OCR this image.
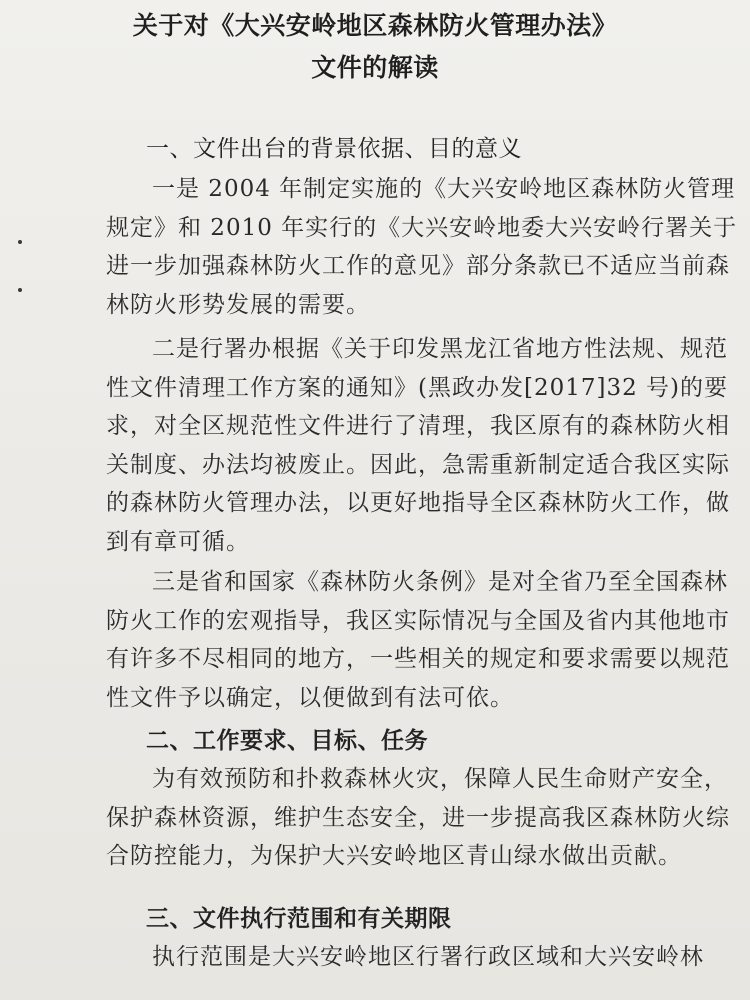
关于对《大兴安岭地区森林防火管理办法》
文件的解读
一、文件出台的背景依据、目的意义
一是 2004 年制定实施的《大兴安岭地区森林防火管理
规定》和 2010 年实行的《大兴安岭地委大兴安岭行署关于
进一步加强森林防火工作的意见》部分条款已不适应当前森
林防火形势发展的需要。
二是行署办根据《关于印发黑龙江省地方性法规、规范
性文件清理工作方案的通知》(黑政办发[2017]32 号)的要
求，对全区规范性文件进行了清理，我区原有的森林防火相
关制度、办法均被废止。因此，急需重新制定适合我区实际
的森林防火管理办法，以更好地指导全区森林防火工作，做
到有章可循。
三是省和国家《森林防火条例》是对全省乃至全国森林
防火工作的宏观指导，我区实际情况与全国及省内其他地市
有许多不尽相同的地方，一些相关的规定和要求需要以规范
性文件予以确定，以便做到有法可依。
二、工作要求、目标、任务
为有效预防和扑救森林火灾，保障人民生命财产安全，
保护森林资源，维护生态安全，进一步提高我区森林防火综
合防控能力，为保护大兴安岭地区青山绿水做出贡献。
三、文件执行范围和有关期限
执行范围是大兴安岭地区行署行政区域和大兴安岭林
